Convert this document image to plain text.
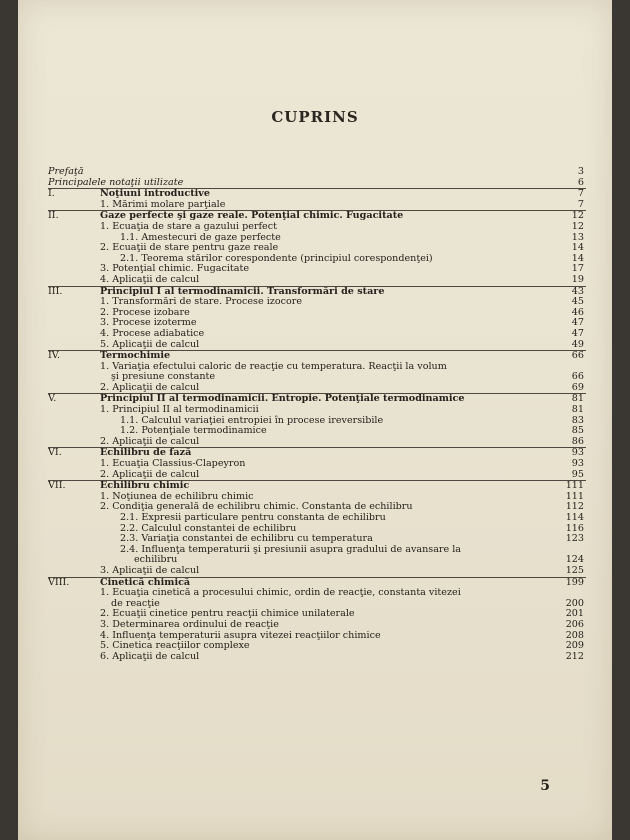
CUPRINS
Prefaţă	3
Principalele notaţii utilizate	6
I.	Noţiuni introductive	7
1. Mărimi molare parţiale	7
II.	Gaze perfecte şi gaze reale. Potenţial chimic. Fugacitate	12
1. Ecuaţia de stare a gazului perfect	12
1.1. Amestecuri de gaze perfecte	13
2. Ecuaţii de stare pentru gaze reale	14
2.1. Teorema stărilor corespondente (principiul corespondenţei)	14
3. Potenţial chimic. Fugacitate	17
4. Aplicaţii de calcul	19
III.	Principiul I al termodinamicii. Transformări de stare	43
1. Transformări de stare. Procese izocore	45
2. Procese izobare	46
3. Procese izoterme	47
4. Procese adiabatice	47
5. Aplicaţii de calcul	49
IV.	Termochimie	66
1. Variaţia efectului caloric de reacţie cu temperatura. Reacţii la volum
şi presiune constante	66
2. Aplicaţii de calcul	69
V.	Principiul II al termodinamicii. Entropie. Potenţiale termodinamice	81
1. Principiul II al termodinamicii	81
1.1. Calculul variaţiei entropiei în procese ireversibile	83
1.2. Potenţiale termodinamice	85
2. Aplicaţii de calcul	86
VI.	Echilibru de fază	93
1. Ecuaţia Classius-Clapeyron	93
2. Aplicaţii de calcul	95
VII.	Echilibru chimic	111
1. Noţiunea de echilibru chimic	111
2. Condiţia generală de echilibru chimic. Constanta de echilibru	112
2.1. Expresii particulare pentru constanta de echilibru	114
2.2. Calculul constantei de echilibru	116
2.3. Variaţia constantei de echilibru cu temperatura	123
2.4. Influenţa temperaturii şi presiunii asupra gradului de avansare la
echilibru	124
3. Aplicaţii de calcul	125
VIII.	Cinetică chimică	199
1. Ecuaţia cinetică a procesului chimic, ordin de reacţie, constanta vitezei
de reacţie	200
2. Ecuaţii cinetice pentru reacţii chimice unilaterale	201
3. Determinarea ordinului de reacţie	206
4. Influenţa temperaturii asupra vitezei reacţiilor chimice	208
5. Cinetica reacţiilor complexe	209
6. Aplicaţii de calcul	212
5
